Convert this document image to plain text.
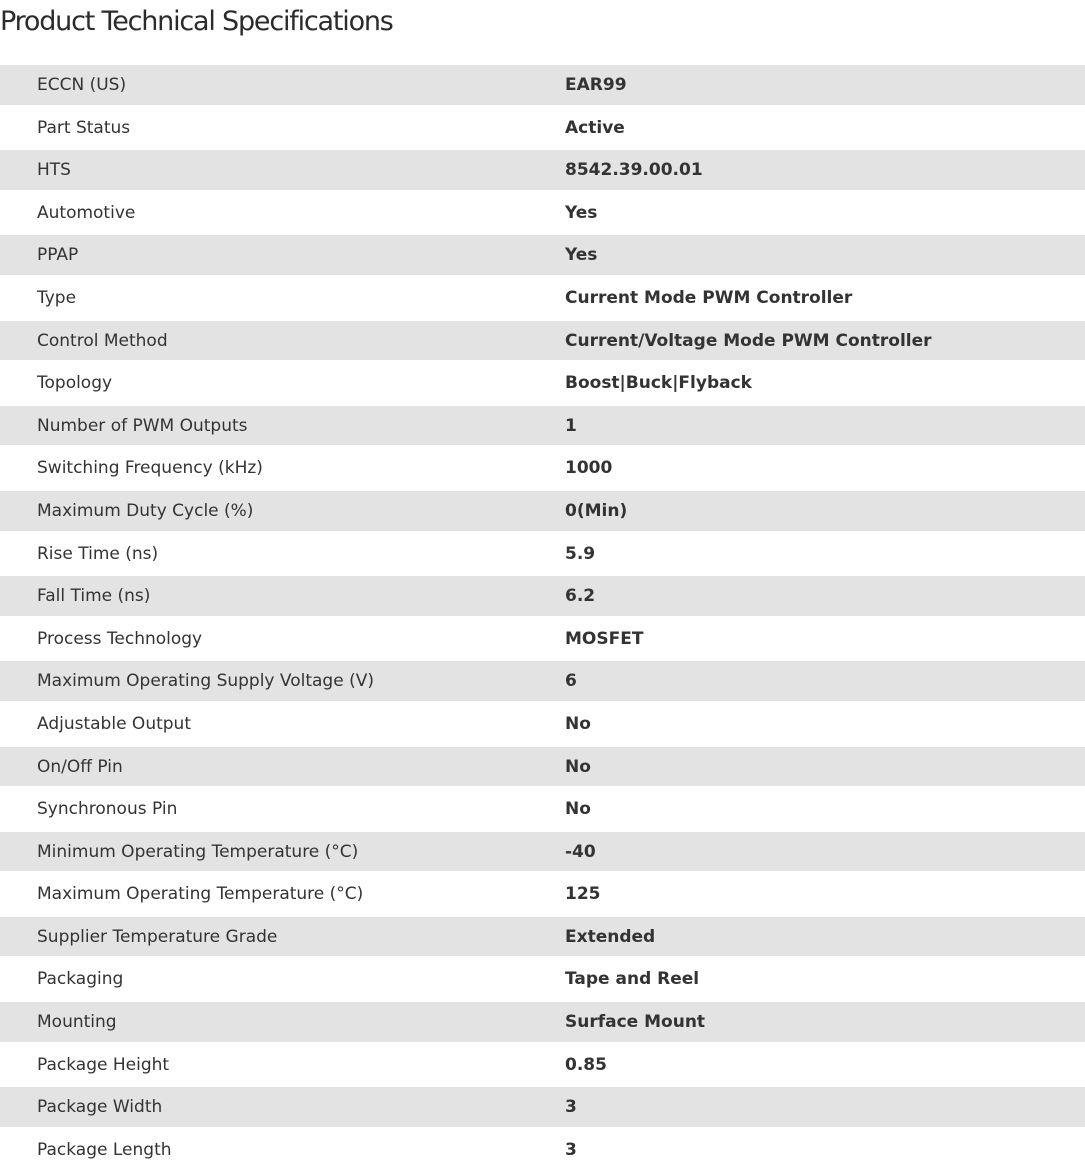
Product Technical Specifications
ECCN (US)	EAR99
Part Status	Active
HTS	8542.39.00.01
Automotive	Yes
PPAP	Yes
Type	Current Mode PWM Controller
Control Method	Current/Voltage Mode PWM Controller
Topology	Boost|Buck|Flyback
Number of PWM Outputs	1
Switching Frequency (kHz)	1000
Maximum Duty Cycle (%)	0(Min)
Rise Time (ns)	5.9
Fall Time (ns)	6.2
Process Technology	MOSFET
Maximum Operating Supply Voltage (V)	6
Adjustable Output	No
On/Off Pin	No
Synchronous Pin	No
Minimum Operating Temperature (°C)	-40
Maximum Operating Temperature (°C)	125
Supplier Temperature Grade	Extended
Packaging	Tape and Reel
Mounting	Surface Mount
Package Height	0.85
Package Width	3
Package Length	3
